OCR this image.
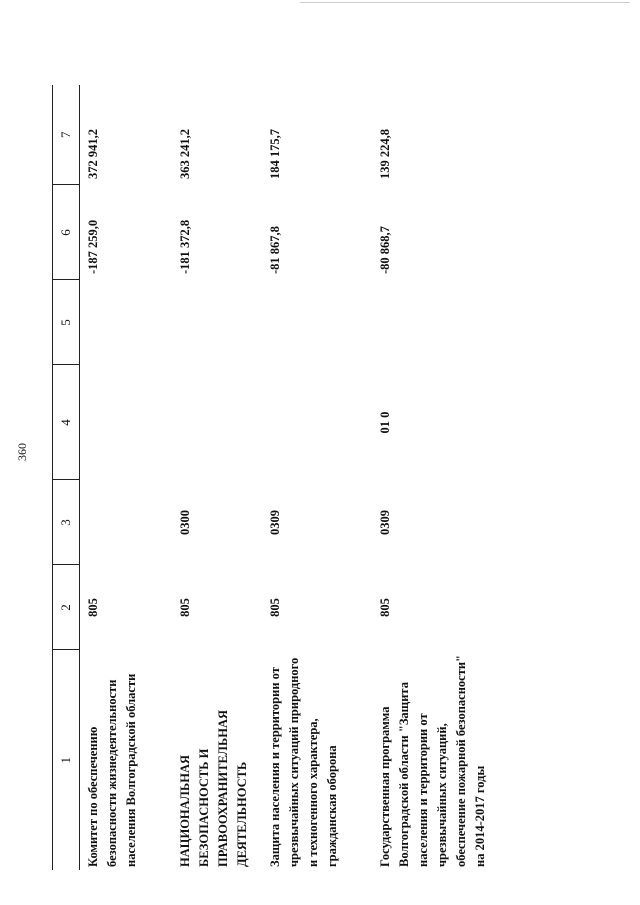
360
1	2	3	4	5	6	7
Комитет по обеспечению безопасности жизнедеятельности населения Волгоградской области	805				-187 259,0	372 941,2
НАЦИОНАЛЬНАЯ БЕЗОПАСНОСТЬ И ПРАВООХРАНИТЕЛЬНАЯ ДЕЯТЕЛЬНОСТЬ	805	0300			-181 372,8	363 241,2
Защита населения и территории от чрезвычайных ситуаций природного и техногенного характера, гражданская оборона	805	0309			-81 867,8	184 175,7
Государственная программа Волгоградской области "Защита населения и территории от чрезвычайных ситуаций, обеспечение пожарной безопасности" на 2014-2017 годы	805	0309	01 0		-80 868,7	139 224,8
